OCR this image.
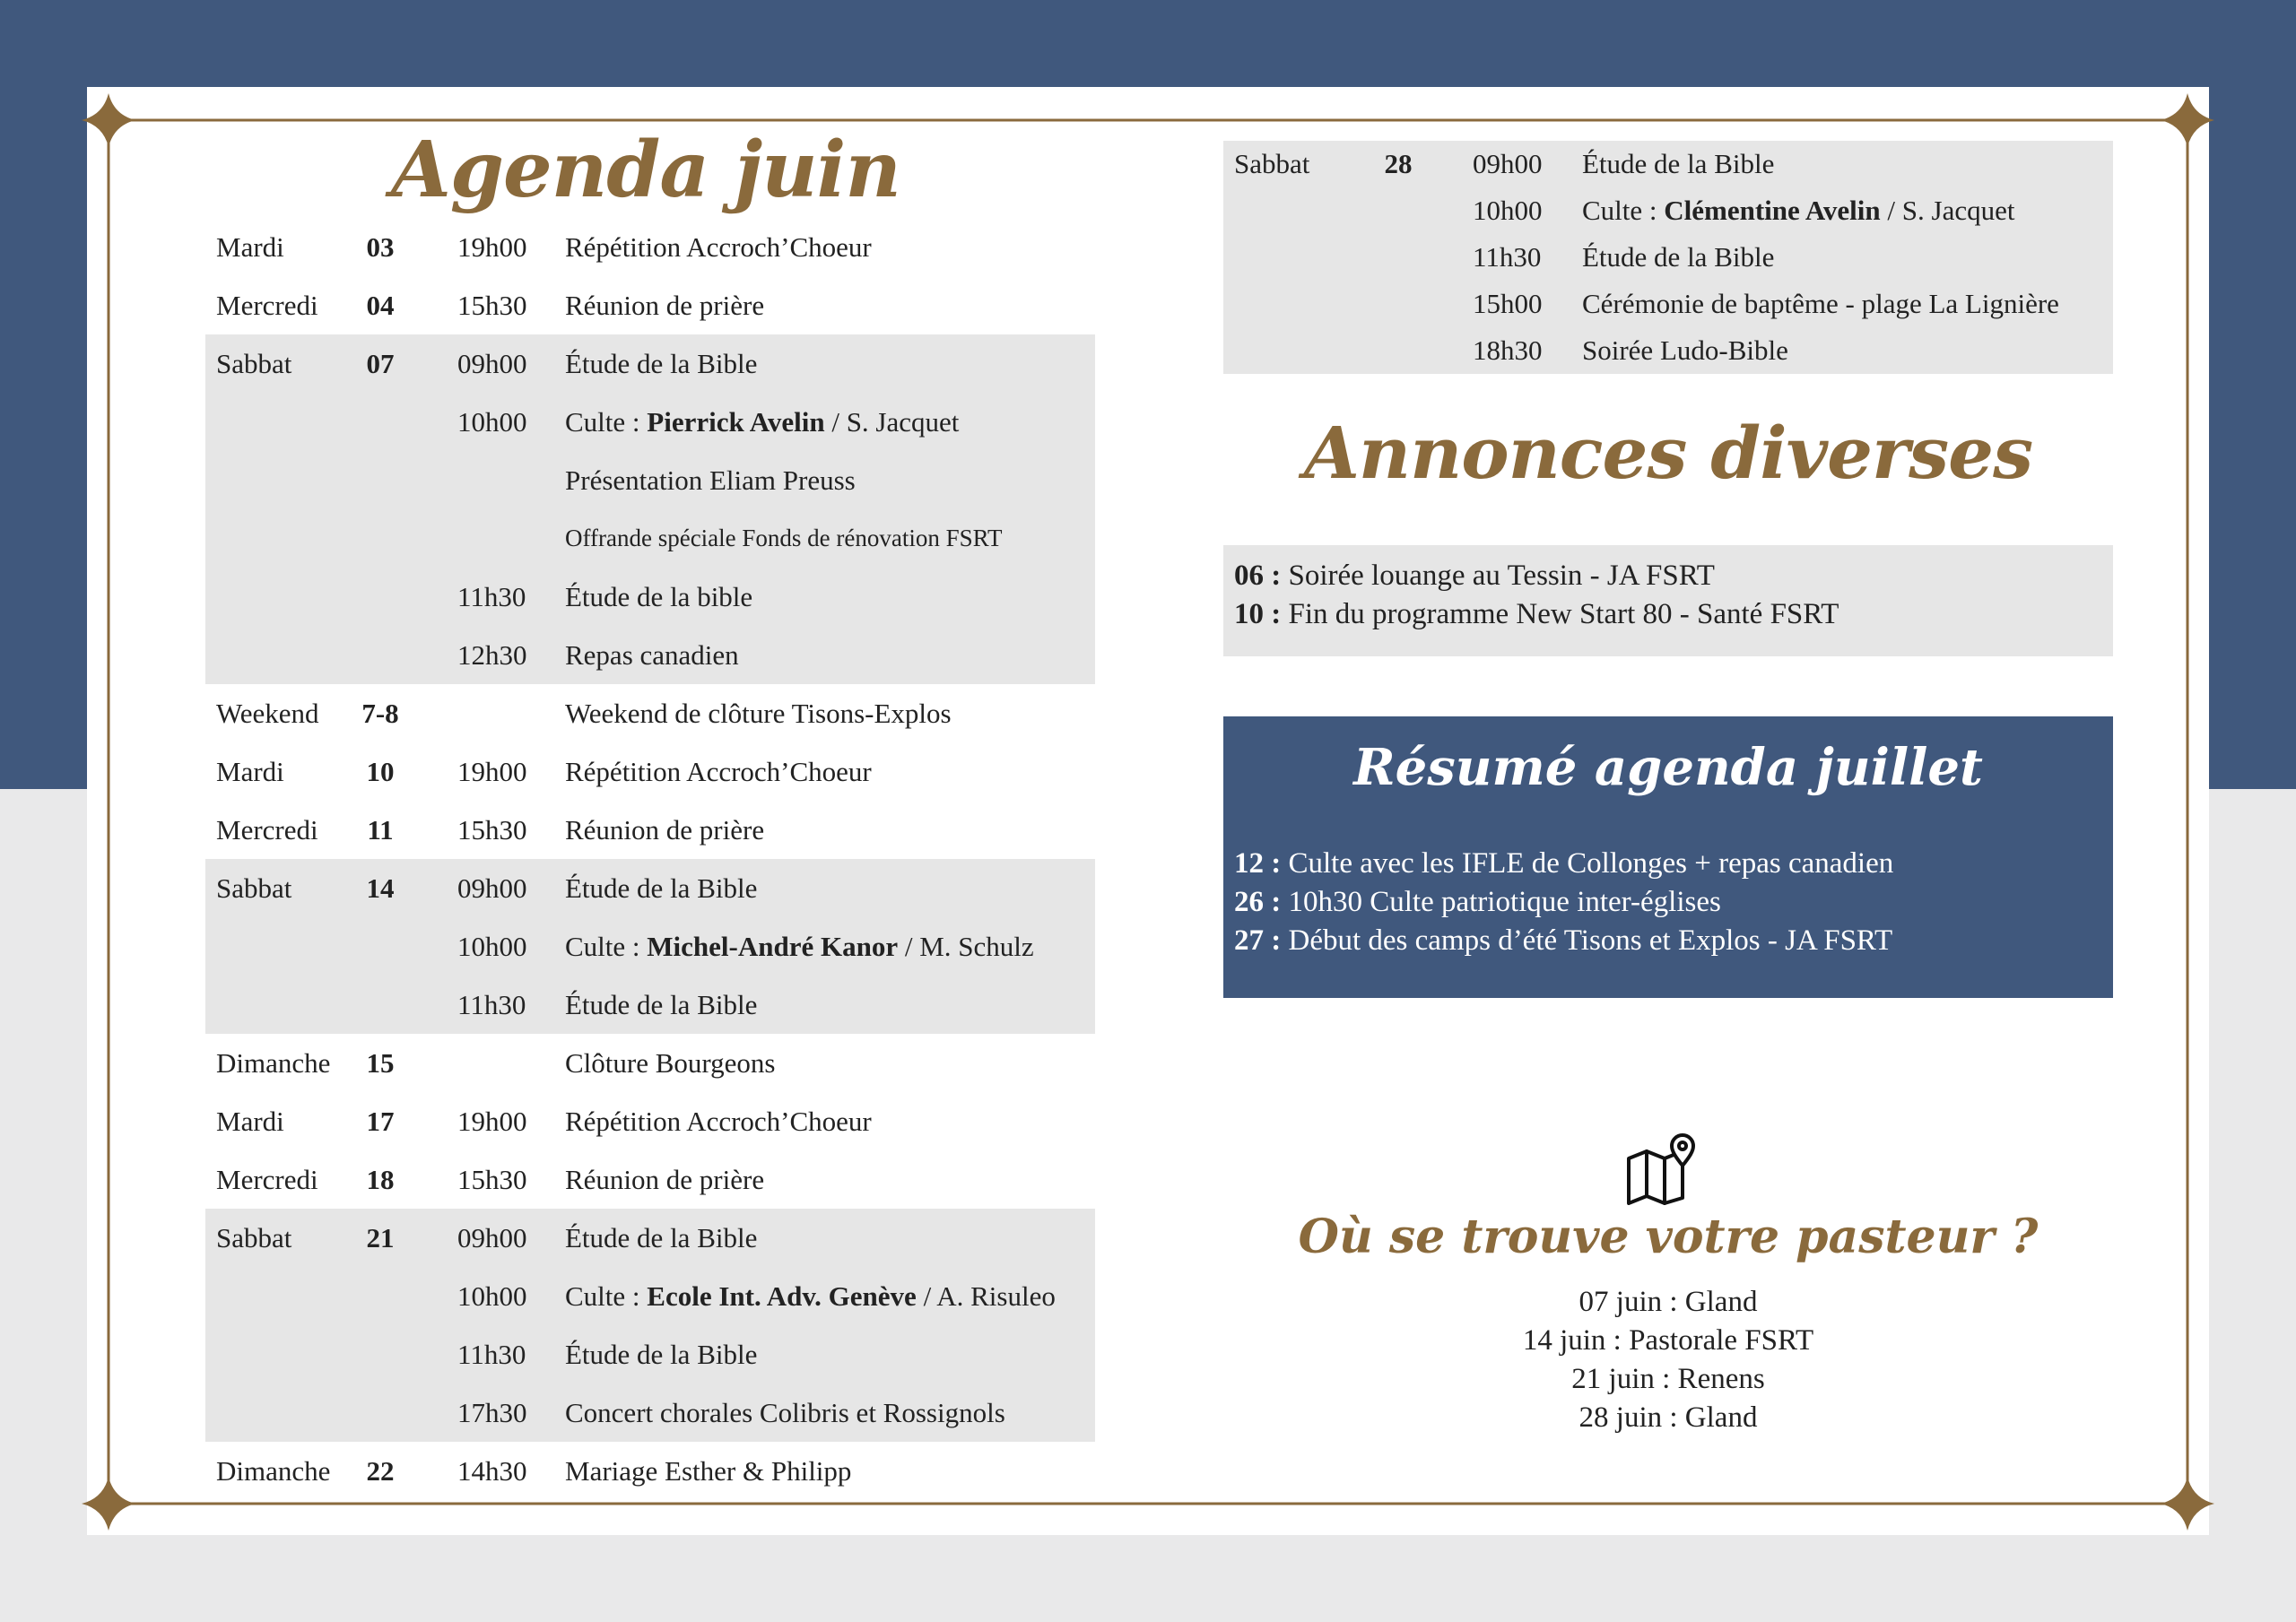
Agenda juin
Mardi	03	19h00 Répétition Accroch’Choeur
Mercredi	04	15h30 Réunion de prière
Sabbat	07	09h00 Étude de la Bible
10h00 Culte : Pierrick Avelin / S. Jacquet
Présentation Eliam Preuss
Offrande spéciale Fonds de rénovation FSRT
11h30 Étude de la bible
12h30 Repas canadien
Weekend	7-8	Weekend de clôture Tisons-Explos
Mardi	10	19h00 Répétition Accroch’Choeur
Mercredi	11	15h30 Réunion de prière
Sabbat	14	09h00 Étude de la Bible
10h00 Culte : Michel-André Kanor / M. Schulz
11h30 Étude de la Bible
Dimanche	15	Clôture Bourgeons
Mardi	17	19h00 Répétition Accroch’Choeur
Mercredi	18	15h30 Réunion de prière
Sabbat	21	09h00 Étude de la Bible
10h00 Culte : Ecole Int. Adv. Genève / A. Risuleo
11h30 Étude de la Bible
17h30 Concert chorales Colibris et Rossignols
Dimanche	22	14h30 Mariage Esther & Philipp
Sabbat	28	09h00 Étude de la Bible
10h00 Culte : Clémentine Avelin / S. Jacquet
11h30 Étude de la Bible
15h00 Cérémonie de baptême - plage La Lignière
18h30 Soirée Ludo-Bible
Annonces diverses
06 : Soirée louange au Tessin - JA FSRT
10 : Fin du programme New Start 80 - Santé FSRT
Résumé agenda juillet
12 : Culte avec les IFLE de Collonges + repas canadien
26 : 10h30 Culte patriotique inter-églises
27 : Début des camps d’été Tisons et Explos - JA FSRT
Où se trouve votre pasteur ?
07 juin : Gland
14 juin : Pastorale FSRT
21 juin : Renens
28 juin : Gland
